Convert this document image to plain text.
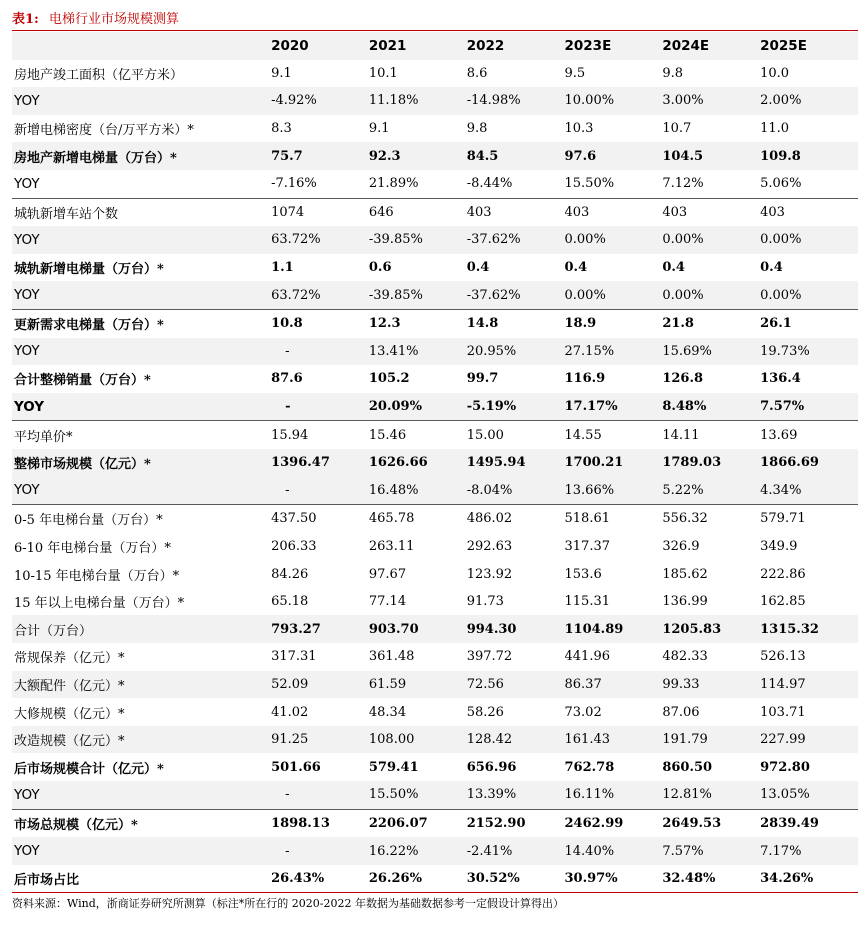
表1: 电梯行业市场规模测算
	2020	2021	2022	2023E	2024E	2025E
房地产竣工面积（亿平方米）	9.1	10.1	8.6	9.5	9.8	10.0
YOY	-4.92%	11.18%	-14.98%	10.00%	3.00%	2.00%
新增电梯密度（台/万平方米）*	8.3	9.1	9.8	10.3	10.7	11.0
房地产新增电梯量（万台）*	75.7	92.3	84.5	97.6	104.5	109.8
YOY	-7.16%	21.89%	-8.44%	15.50%	7.12%	5.06%
城轨新增车站个数	1074	646	403	403	403	403
YOY	63.72%	-39.85%	-37.62%	0.00%	0.00%	0.00%
城轨新增电梯量（万台）*	1.1	0.6	0.4	0.4	0.4	0.4
YOY	63.72%	-39.85%	-37.62%	0.00%	0.00%	0.00%
更新需求电梯量（万台）*	10.8	12.3	14.8	18.9	21.8	26.1
YOY	-	13.41%	20.95%	27.15%	15.69%	19.73%
合计整梯销量（万台）*	87.6	105.2	99.7	116.9	126.8	136.4
YOY	-	20.09%	-5.19%	17.17%	8.48%	7.57%
平均单价*	15.94	15.46	15.00	14.55	14.11	13.69
整梯市场规模（亿元）*	1396.47	1626.66	1495.94	1700.21	1789.03	1866.69
YOY	-	16.48%	-8.04%	13.66%	5.22%	4.34%
0-5 年电梯台量（万台）*	437.50	465.78	486.02	518.61	556.32	579.71
6-10 年电梯台量（万台）*	206.33	263.11	292.63	317.37	326.9	349.9
10-15 年电梯台量（万台）*	84.26	97.67	123.92	153.6	185.62	222.86
15 年以上电梯台量（万台）*	65.18	77.14	91.73	115.31	136.99	162.85
合计（万台）	793.27	903.70	994.30	1104.89	1205.83	1315.32
常规保养（亿元）*	317.31	361.48	397.72	441.96	482.33	526.13
大额配件（亿元）*	52.09	61.59	72.56	86.37	99.33	114.97
大修规模（亿元）*	41.02	48.34	58.26	73.02	87.06	103.71
改造规模（亿元）*	91.25	108.00	128.42	161.43	191.79	227.99
后市场规模合计（亿元）*	501.66	579.41	656.96	762.78	860.50	972.80
YOY	-	15.50%	13.39%	16.11%	12.81%	13.05%
市场总规模（亿元）*	1898.13	2206.07	2152.90	2462.99	2649.53	2839.49
YOY	-	16.22%	-2.41%	14.40%	7.57%	7.17%
后市场占比	26.43%	26.26%	30.52%	30.97%	32.48%	34.26%
资料来源：Wind，浙商证券研究所测算（标注*所在行的 2020-2022 年数据为基础数据参考一定假设计算得出）
